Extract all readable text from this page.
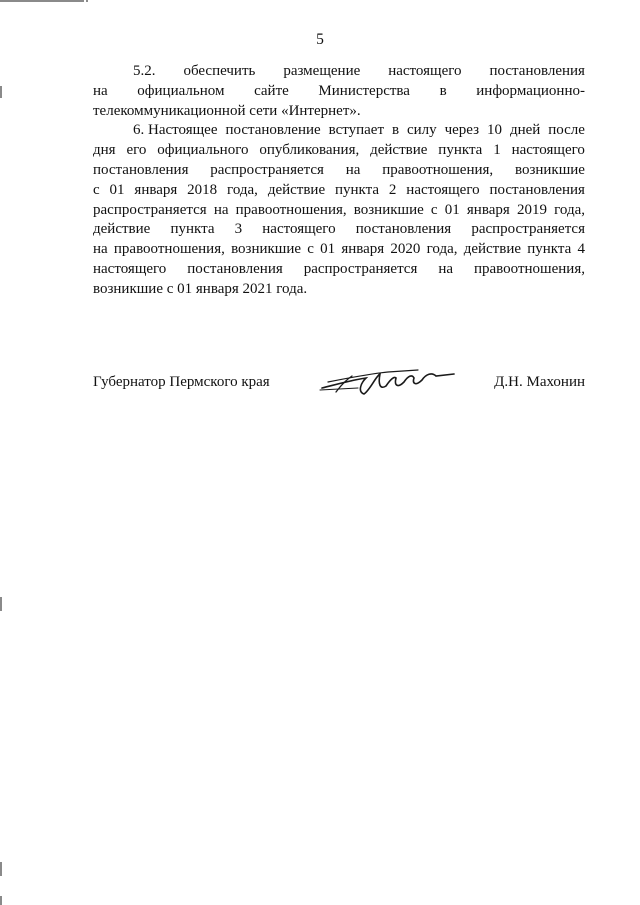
5
5.2. обеспечить размещение настоящего постановления
на официальном сайте Министерства в информационно-
телекоммуникационной сети «Интернет».
6. Настоящее постановление вступает в силу через 10 дней после
дня его официального опубликования, действие пункта 1 настоящего
постановления распространяется на правоотношения, возникшие
с 01 января 2018 года, действие пункта 2 настоящего постановления
распространяется на правоотношения, возникшие с 01 января 2019 года,
действие пункта 3 настоящего постановления распространяется
на правоотношения, возникшие с 01 января 2020 года, действие пункта 4
настоящего постановления распространяется на правоотношения,
возникшие с 01 января 2021 года.
Губернатор Пермского края	Д.Н. Махонин
